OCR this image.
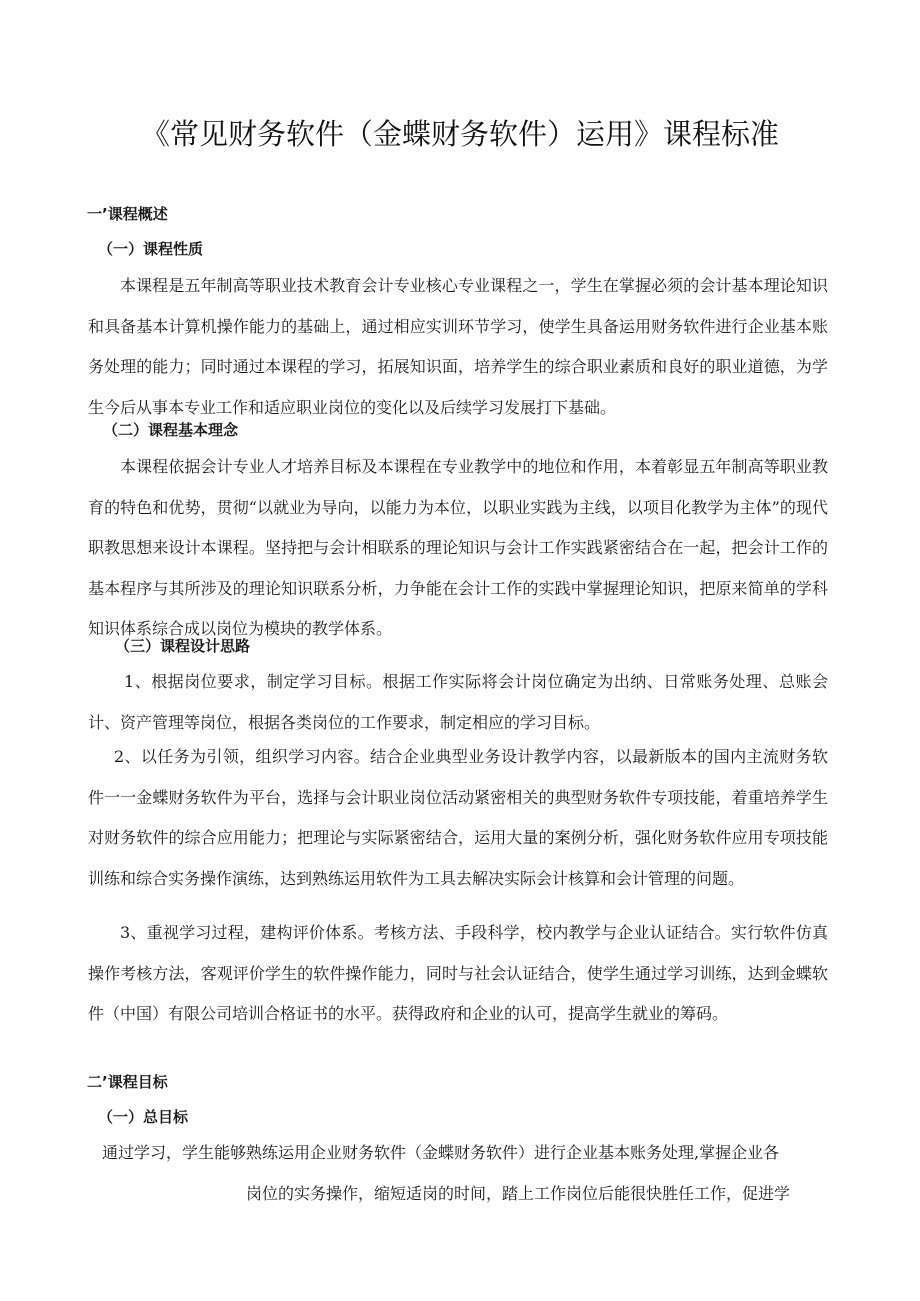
《常见财务软件（金蝶财务软件）运用》课程标准
一’课程概述
（一）课程性质

本课程是五年制高等职业技术教育会计专业核心专业课程之一，学生在掌握必须的会计基本理论知识和具备基本计算机操作能力的基础上，通过相应实训环节学习，使学生具备运用财务软件进行企业基本账务处理的能力；同时通过本课程的学习，拓展知识面，培养学生的综合职业素质和良好的职业道德，为学生今后从事本专业工作和适应职业岗位的变化以及后续学习发展打下基础。

（二）课程基本理念

本课程依据会计专业人才培养目标及本课程在专业教学中的地位和作用，本着彰显五年制高等职业教育的特色和优势，贯彻“以就业为导向，以能力为本位，以职业实践为主线，以项目化教学为主体”的现代职教思想来设计本课程。坚持把与会计相联系的理论知识与会计工作实践紧密结合在一起，把会计工作的基本程序与其所涉及的理论知识联系分析，力争能在会计工作的实践中掌握理论知识，把原来简单的学科知识体系综合成以岗位为模块的教学体系。

（三）课程设计思路

1、根据岗位要求，制定学习目标。根据工作实际将会计岗位确定为出纳、日常账务处理、总账会计、资产管理等岗位，根据各类岗位的工作要求，制定相应的学习目标。

2、以任务为引领，组织学习内容。结合企业典型业务设计教学内容，以最新版本的国内主流财务软件一一金蝶财务软件为平台，选择与会计职业岗位活动紧密相关的典型财务软件专项技能，着重培养学生对财务软件的综合应用能力；把理论与实际紧密结合，运用大量的案例分析，强化财务软件应用专项技能训练和综合实务操作演练，达到熟练运用软件为工具去解决实际会计核算和会计管理的问题。

3、重视学习过程，建构评价体系。考核方法、手段科学，校内教学与企业认证结合。实行软件仿真操作考核方法，客观评价学生的软件操作能力，同时与社会认证结合，使学生通过学习训练，达到金蝶软件（中国）有限公司培训合格证书的水平。获得政府和企业的认可，提高学生就业的筹码。

二’课程目标
（一）总目标
通过学习，学生能够熟练运用企业财务软件（金蝶财务软件）进行企业基本账务处理,掌握企业各
岗位的实务操作，缩短适岗的时间，踏上工作岗位后能很快胜任工作，促进学
